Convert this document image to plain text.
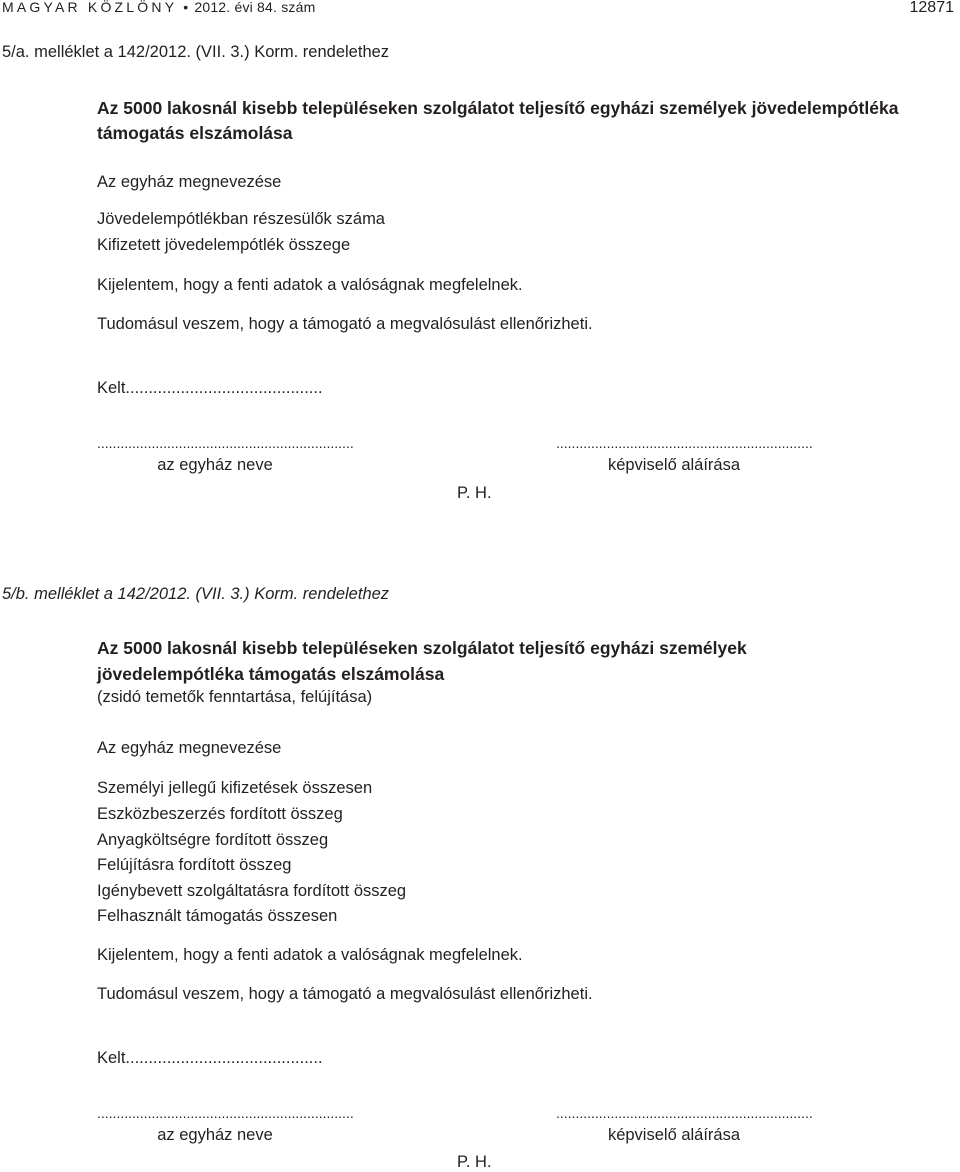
MAGYAR KÖZLÖNY • 2012. évi 84. szám	12871
5/a. melléklet a 142/2012. (VII. 3.) Korm. rendelethez
Az 5000 lakosnál kisebb településeken szolgálatot teljesítő egyházi személyek jövedelempótléka
támogatás elszámolása
Az egyház megnevezése
Jövedelempótlékban részesülők száma
Kifizetett jövedelempótlék összege
Kijelentem, hogy a fenti adatok a valóságnak megfelelnek.
Tudomásul veszem, hogy a támogató a megvalósulást ellenőrizheti.
Kelt...........................................
..................................................................
az egyház neve
..................................................................
képviselő aláírása
P. H.
5/b. melléklet a 142/2012. (VII. 3.) Korm. rendelethez
Az 5000 lakosnál kisebb településeken szolgálatot teljesítő egyházi személyek
jövedelempótléka támogatás elszámolása
(zsidó temetők fenntartása, felújítása)
Az egyház megnevezése
Személyi jellegű kifizetések összesen
Eszközbeszerzés fordított összeg
Anyagköltségre fordított összeg
Felújításra fordított összeg
Igénybevett szolgáltatásra fordított összeg
Felhasznált támogatás összesen
Kijelentem, hogy a fenti adatok a valóságnak megfelelnek.
Tudomásul veszem, hogy a támogató a megvalósulást ellenőrizheti.
Kelt...........................................
..................................................................
az egyház neve
..................................................................
képviselő aláírása
P. H.
